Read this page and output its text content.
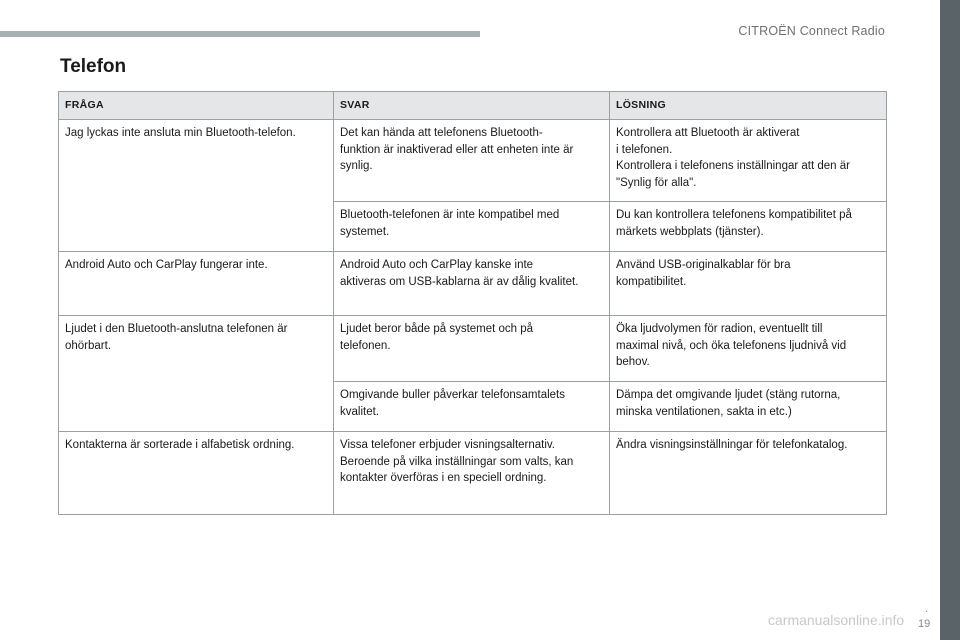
CITROËN Connect Radio
Telefon
FRÅGA	SVAR	LÖSNING
Jag lyckas inte ansluta min Bluetooth-telefon.	Det kan hända att telefonens Bluetooth-
funktion är inaktiverad eller att enheten inte är
synlig.	Kontrollera att Bluetooth är aktiverat
i telefonen.
Kontrollera i telefonens inställningar att den är
"Synlig för alla".
	Bluetooth-telefonen är inte kompatibel med
systemet.	Du kan kontrollera telefonens kompatibilitet på
märkets webbplats (tjänster).
Android Auto och CarPlay fungerar inte.	Android Auto och CarPlay kanske inte
aktiveras om USB-kablarna är av dålig kvalitet.	Använd USB-originalkablar för bra
kompatibilitet.
Ljudet i den Bluetooth-anslutna telefonen är
ohörbart.	Ljudet beror både på systemet och på
telefonen.	Öka ljudvolymen för radion, eventuellt till
maximal nivå, och öka telefonens ljudnivå vid
behov.
	Omgivande buller påverkar telefonsamtalets
kvalitet.	Dämpa det omgivande ljudet (stäng rutorna,
minska ventilationen, sakta in etc.)
Kontakterna är sorterade i alfabetisk ordning.	Vissa telefoner erbjuder visningsalternativ.
Beroende på vilka inställningar som valts, kan
kontakter överföras i en speciell ordning.	Ändra visningsinställningar för telefonkatalog.
carmanualsonline.info
.
19
